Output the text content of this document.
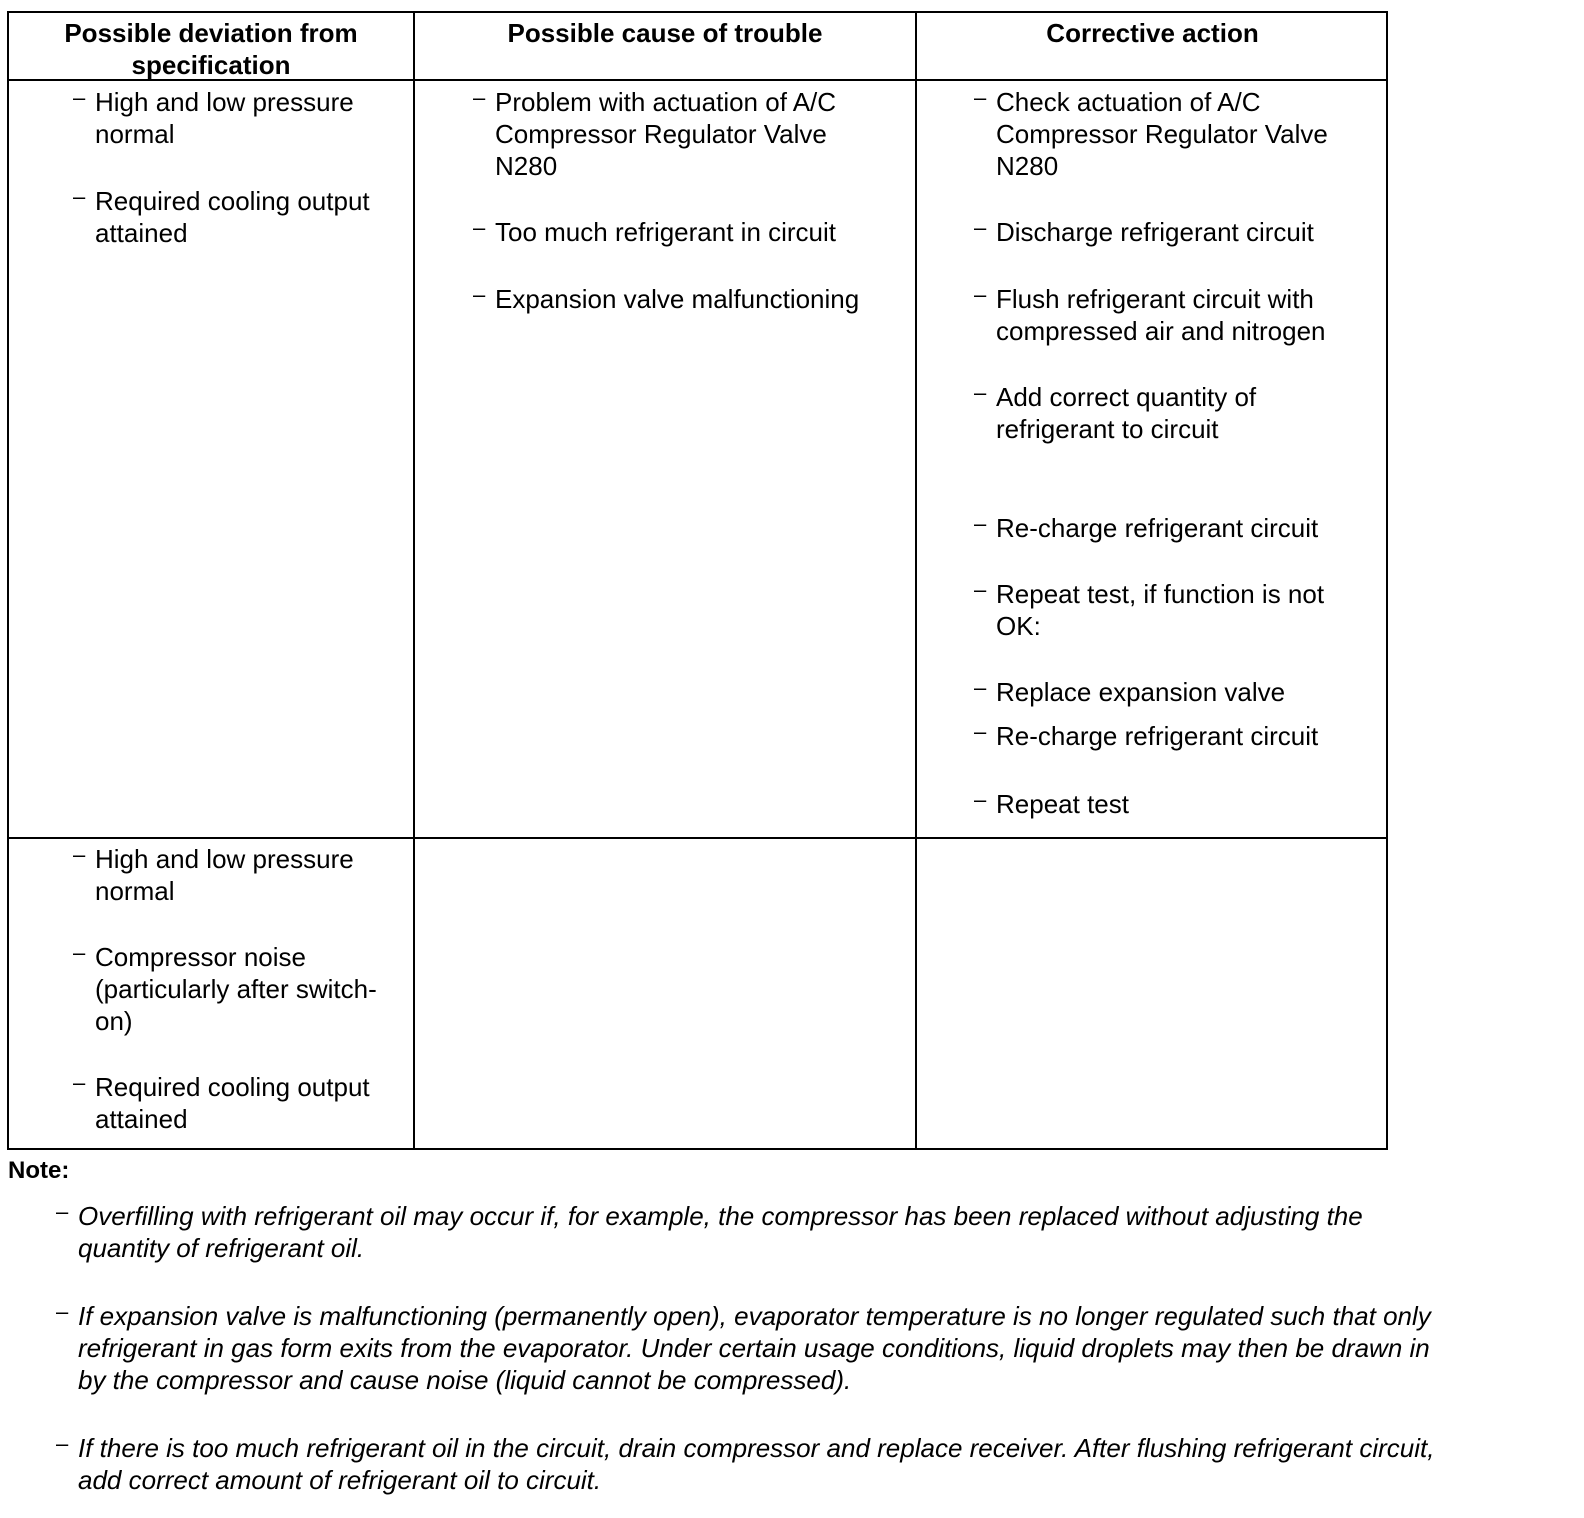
Possible deviation from specification
Possible cause of trouble	Corrective action
– High and low pressure
normal
– Required cooling output
attained
– Problem with actuation of A/C
Compressor Regulator Valve
N280
– Too much refrigerant in circuit
– Expansion valve malfunctioning
– Check actuation of A/C
Compressor Regulator Valve
N280
– Discharge refrigerant circuit
– Flush refrigerant circuit with
compressed air and nitrogen
– Add correct quantity of
refrigerant to circuit
– Re-charge refrigerant circuit
– Repeat test, if function is not
OK:
– Replace expansion valve
– Re-charge refrigerant circuit
– Repeat test
– High and low pressure
normal
– Compressor noise
(particularly after switch-
on)
– Required cooling output
attained
Note:
– Overfilling with refrigerant oil may occur if, for example, the compressor has been replaced without adjusting the
quantity of refrigerant oil.
– If expansion valve is malfunctioning (permanently open), evaporator temperature is no longer regulated such that only
refrigerant in gas form exits from the evaporator. Under certain usage conditions, liquid droplets may then be drawn in
by the compressor and cause noise (liquid cannot be compressed).
– If there is too much refrigerant oil in the circuit, drain compressor and replace receiver. After flushing refrigerant circuit,
add correct amount of refrigerant oil to circuit.
